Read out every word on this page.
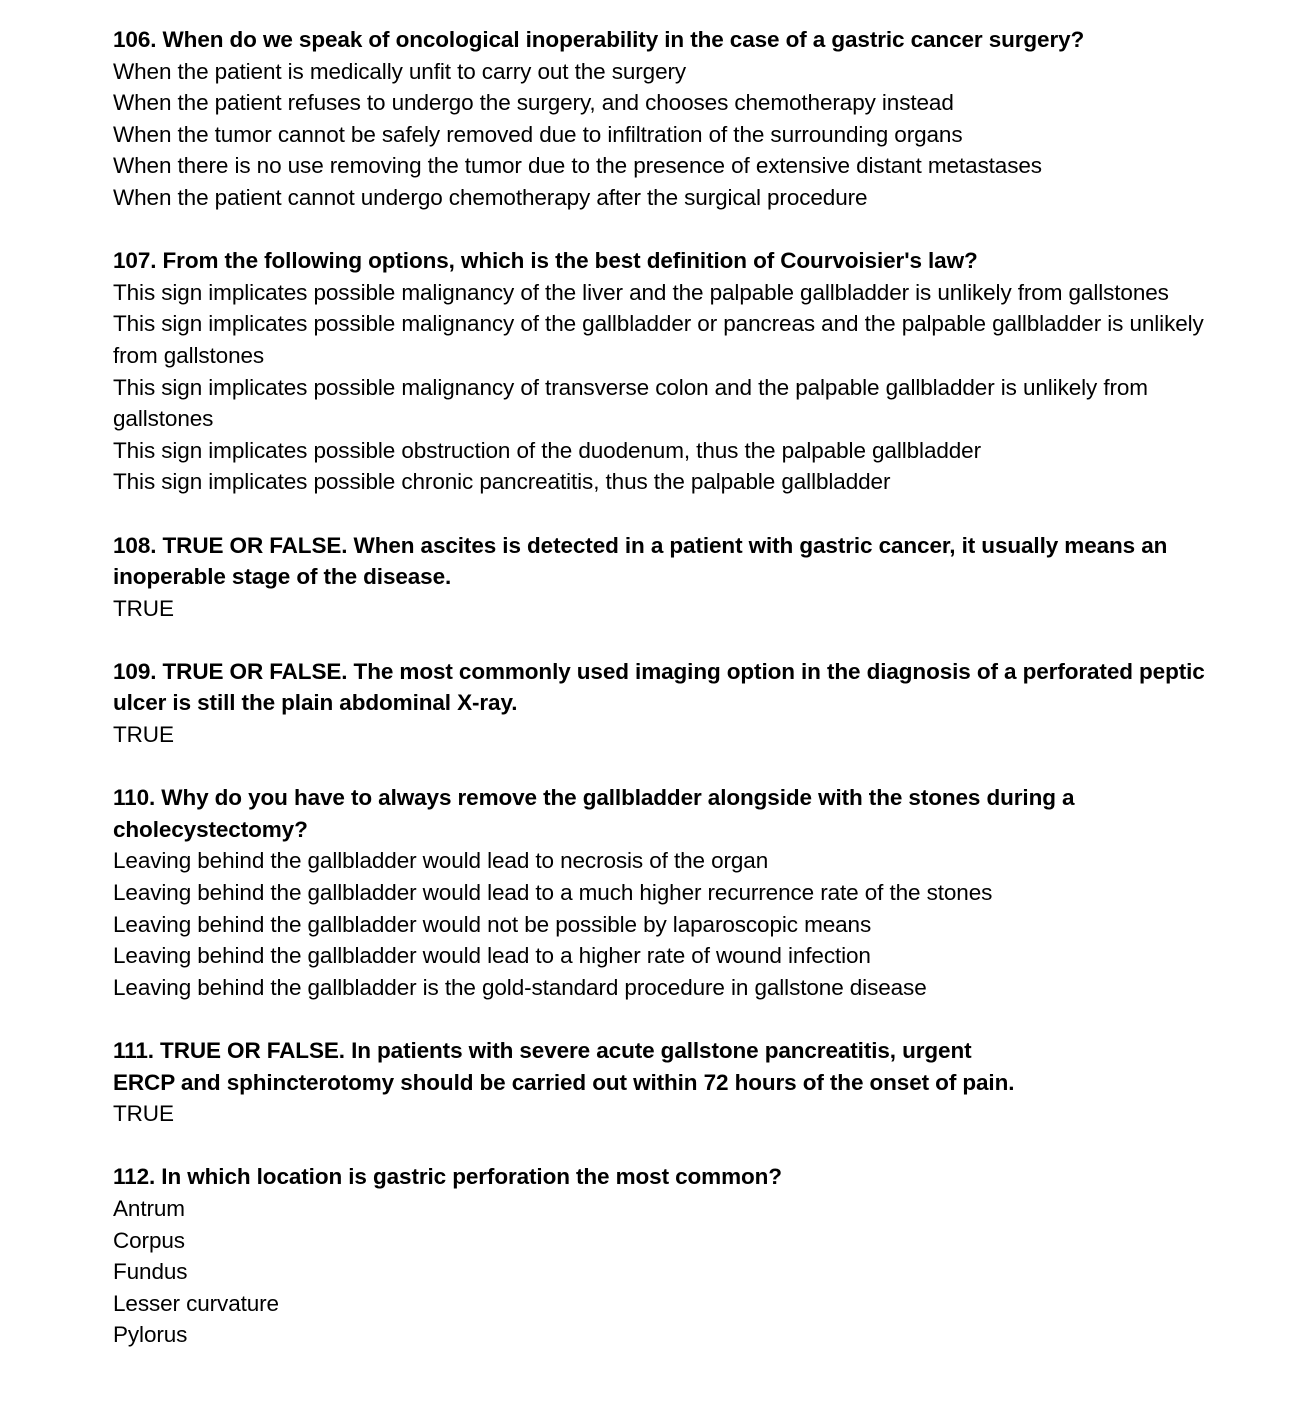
106. When do we speak of oncological inoperability in the case of a gastric cancer surgery?

When the patient is medically unfit to carry out the surgery

When the patient refuses to undergo the surgery, and chooses chemotherapy instead

When the tumor cannot be safely removed due to infiltration of the surrounding organs

When there is no use removing the tumor due to the presence of extensive distant metastases

When the patient cannot undergo chemotherapy after the surgical procedure

107. From the following options, which is the best definition of Courvoisier's law?

This sign implicates possible malignancy of the liver and the palpable gallbladder is unlikely from gallstones

This sign implicates possible malignancy of the gallbladder or pancreas and the palpable gallbladder is unlikely from gallstones

This sign implicates possible malignancy of transverse colon and the palpable gallbladder is unlikely from gallstones

This sign implicates possible obstruction of the duodenum, thus the palpable gallbladder

This sign implicates possible chronic pancreatitis, thus the palpable gallbladder

108. TRUE OR FALSE. When ascites is detected in a patient with gastric cancer, it usually means an inoperable stage of the disease.

TRUE

109. TRUE OR FALSE. The most commonly used imaging option in the diagnosis of a perforated peptic ulcer is still the plain abdominal X-ray.

TRUE

110. Why do you have to always remove the gallbladder alongside with the stones during a cholecystectomy?

Leaving behind the gallbladder would lead to necrosis of the organ

Leaving behind the gallbladder would lead to a much higher recurrence rate of the stones

Leaving behind the gallbladder would not be possible by laparoscopic means

Leaving behind the gallbladder would lead to a higher rate of wound infection

Leaving behind the gallbladder is the gold-standard procedure in gallstone disease

111. TRUE OR FALSE. In patients with severe acute gallstone pancreatitis, urgent

ERCP and sphincterotomy should be carried out within 72 hours of the onset of pain.

TRUE

112. In which location is gastric perforation the most common?

Antrum

Corpus

Fundus

Lesser curvature

Pylorus
